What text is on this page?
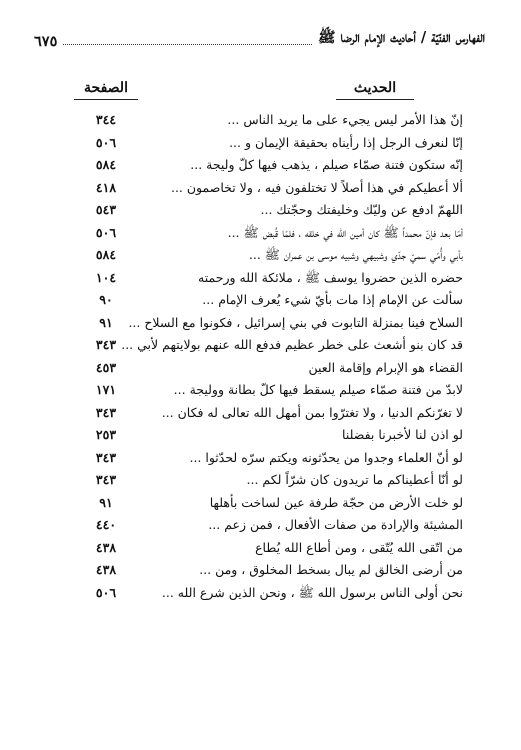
الفهارس الفنّيّة / أحاديث الإمام الرضا ﷺ
٦٧٥
الحديث
الصفحة
إنّ هذا الأمر ليس يجيء على ما يريد الناس ...
٣٤٤
إنّا لنعرف الرجل إذا رأيناه بحقيقة الإيمان و ...
٥٠٦
إنّه ستكون فتنة صمّاء صيلم ، يذهب فيها كلّ وليجة ...
٥٨٤
ألا أعطيكم في هذا أصلاً لا تختلفون فيه ، ولا تخاصمون ...
٤١٨
اللهمّ ادفع عن وليّك وخليفتك وحجّتك ...
٥٤٣
أمّا بعد فإنّ محمداً ﷺ كان أمين الله في خلقه ، فلمّا قُبض ﷺ ...
٥٠٦
بأبي وأُمّي سميّ جدّي وشبيهي وشبيه موسى بن عمران ﷺ ...
٥٨٤
حضره الذين حضروا يوسف ﷺ ، ملائكة الله ورحمته
١٠٤
سألت عن الإمام إذا مات بأيّ شيء يُعرف الإمام ...
٩٠
السلاح فينا بمنزلة التابوت في بني إسرائيل ، فكونوا مع السلاح ...
٩١
قد كان بنو أشعث على خطر عظيم فدفع الله عنهم بولايتهم لأبي ...
٣٤٣
القضاء هو الإبرام وإقامة العين
٤٥٣
لابدّ من فتنة صمّاء صيلم يسقط فيها كلّ بطانة ووليجة ...
١٧١
لا تغرّنكم الدنيا ، ولا تغترّوا بمن أمهل الله تعالى له فكان ...
٣٤٣
لو اذن لنا لأخبرنا بفضلنا
٢٥٣
لو أنّ العلماء وجدوا من يحدّثونه ويكتم سرّه لحدّثوا ...
٣٤٣
لو أنّا أعطيناكم ما تريدون كان شرّاً لكم ...
٣٤٣
لو خلت الأرض من حجّة طرفة عين لساخت بأهلها
٩١
المشيئة والإرادة من صفات الأفعال ، فمن زعم ...
٤٤٠
من اتّقى الله يُتّقى ، ومن أطاع الله يُطاع
٤٣٨
من أرضى الخالق لم يبال بسخط المخلوق ، ومن ...
٤٣٨
نحن أولى الناس برسول الله ﷺ ، ونحن الذين شرع الله ...
٥٠٦
